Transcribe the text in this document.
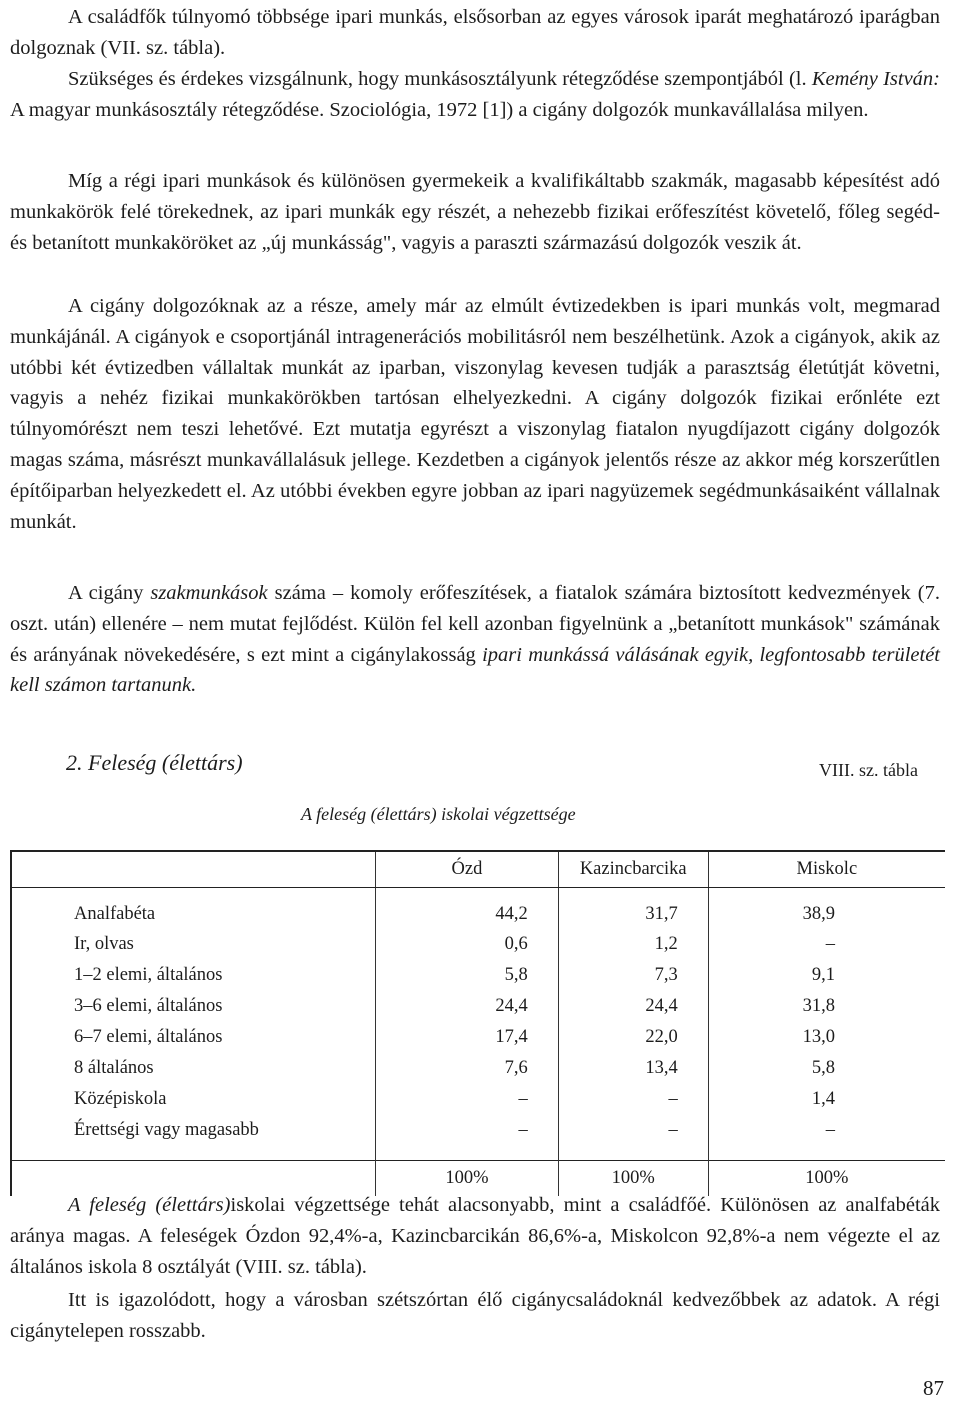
A családfők túlnyomó többsége ipari munkás, elsősorban az egyes városok iparát meghatározó iparágban dolgoznak (VII. sz. tábla).

Szükséges és érdekes vizsgálnunk, hogy munkásosztályunk rétegződése szempontjából (l. Kemény István: A magyar munkásosztály rétegződése. Szociológia, 1972 [1]) a cigány dolgozók munkavállalása milyen.

Míg a régi ipari munkások és különösen gyermekeik a kvalifikáltabb szakmák, magasabb képesítést adó munkakörök felé törekednek, az ipari munkák egy részét, a nehezebb fizikai erőfeszítést követelő, főleg segéd- és betanított munkaköröket az „új munkásság", vagyis a paraszti származású dolgozók veszik át.

A cigány dolgozóknak az a része, amely már az elmúlt évtizedekben is ipari munkás volt, megmarad munkájánál. A cigányok e csoportjánál intragenerációs mobilitásról nem beszélhetünk. Azok a cigányok, akik az utóbbi két évtizedben vállaltak munkát az iparban, viszonylag kevesen tudják a parasztság életútját követni, vagyis a nehéz fizikai munkakörökben tartósan elhelyezkedni. A cigány dolgozók fizikai erőnléte ezt túlnyomórészt nem teszi lehetővé. Ezt mutatja egyrészt a viszonylag fiatalon nyugdíjazott cigány dolgozók magas száma, másrészt munkavállalásuk jellege. Kezdetben a cigányok jelentős része az akkor még korszerűtlen építőiparban helyezkedett el. Az utóbbi években egyre jobban az ipari nagyüzemek segédmunkásaiként vállalnak munkát.

A cigány szakmunkások száma – komoly erőfeszítések, a fiatalok számára biztosított kedvezmények (7. oszt. után) ellenére – nem mutat fejlődést. Külön fel kell azonban figyelnünk a „betanított munkások" számának és arányának növekedésére, s ezt mint a cigánylakosság ipari munkássá válásának egyik, legfontosabb területét kell számon tartanunk.

2. Feleség (élettárs)	VIII. sz. tábla
A feleség (élettárs) iskolai végzettsége
	Ózd	Kazincbarcika	Miskolc
Analfabéta	44,2	31,7	38,9
Ir, olvas	0,6	1,2	–
1–2 elemi, általános	5,8	7,3	9,1
3–6 elemi, általános	24,4	24,4	31,8
6–7 elemi, általános	17,4	22,0	13,0
8 általános	7,6	13,4	5,8
Középiskola	–	–	1,4
Érettségi vagy magasabb	–	–	–

	100%	100%	100%

A feleség (élettárs)iskolai végzettsége tehát alacsonyabb, mint a családfőé. Különösen az analfabéták aránya magas. A feleségek Ózdon 92,4%-a, Kazincbarcikán 86,6%-a, Miskolcon 92,8%-a nem végezte el az általános iskola 8 osztályát (VIII. sz. tábla).

Itt is igazolódott, hogy a városban szétszórtan élő cigánycsaládoknál kedvezőbbek az adatok. A régi cigánytelepen rosszabb.

87
